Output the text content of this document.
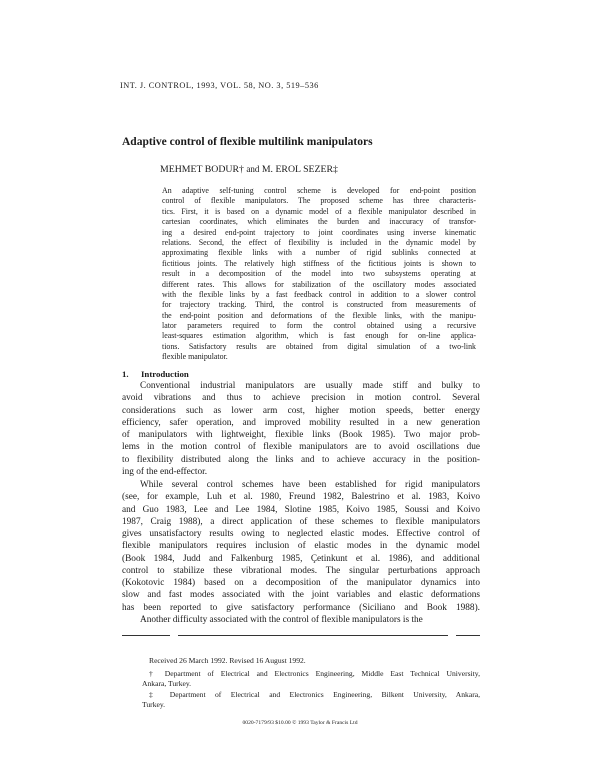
INT. J. CONTROL, 1993, VOL. 58, NO. 3, 519–536
Adaptive control of flexible multilink manipulators
MEHMET BODUR† and M. EROL SEZER‡
An adaptive self-tuning control scheme is developed for end-point position
control of flexible manipulators. The proposed scheme has three characteris-
tics. First, it is based on a dynamic model of a flexible manipulator described in
cartesian coordinates, which eliminates the burden and inaccuracy of transfor-
ing a desired end-point trajectory to joint coordinates using inverse kinematic
relations. Second, the effect of flexibility is included in the dynamic model by
approximating flexible links with a number of rigid sublinks connected at
fictitious joints. The relatively high stiffness of the fictitious joints is shown to
result in a decomposition of the model into two subsystems operating at
different rates. This allows for stabilization of the oscillatory modes associated
with the flexible links by a fast feedback control in addition to a slower control
for trajectory tracking. Third, the control is constructed from measurements of
the end-point position and deformations of the flexible links, with the manipu-
lator parameters required to form the control obtained using a recursive
least-squares estimation algorithm, which is fast enough for on-line applica-
tions. Satisfactory results are obtained from digital simulation of a two-link
flexible manipulator.
1. Introduction
Conventional industrial manipulators are usually made stiff and bulky to
avoid vibrations and thus to achieve precision in motion control. Several
considerations such as lower arm cost, higher motion speeds, better energy
efficiency, safer operation, and improved mobility resulted in a new generation
of manipulators with lightweight, flexible links (Book 1985). Two major prob-
lems in the motion control of flexible manipulators are to avoid oscillations due
to flexibility distributed along the links and to achieve accuracy in the position-
ing of the end-effector.
While several control schemes have been established for rigid manipulators
(see, for example, Luh et al. 1980, Freund 1982, Balestrino et al. 1983, Koivo
and Guo 1983, Lee and Lee 1984, Slotine 1985, Koivo 1985, Soussi and Koivo
1987, Craig 1988), a direct application of these schemes to flexible manipulators
gives unsatisfactory results owing to neglected elastic modes. Effective control of
flexible manipulators requires inclusion of elastic modes in the dynamic model
(Book 1984, Judd and Falkenburg 1985, Çetinkunt et al. 1986), and additional
control to stabilize these vibrational modes. The singular perturbations approach
(Kokotovic 1984) based on a decomposition of the manipulator dynamics into
slow and fast modes associated with the joint variables and elastic deformations
has been reported to give satisfactory performance (Siciliano and Book 1988).
Another difficulty associated with the control of flexible manipulators is the
Received 26 March 1992. Revised 16 August 1992.
† Department of Electrical and Electronics Engineering, Middle East Technical University,
Ankara, Turkey.
‡ Department of Electrical and Electronics Engineering, Bilkent University, Ankara,
Turkey.
0020-7179/93 $10.00 © 1993 Taylor & Francis Ltd
